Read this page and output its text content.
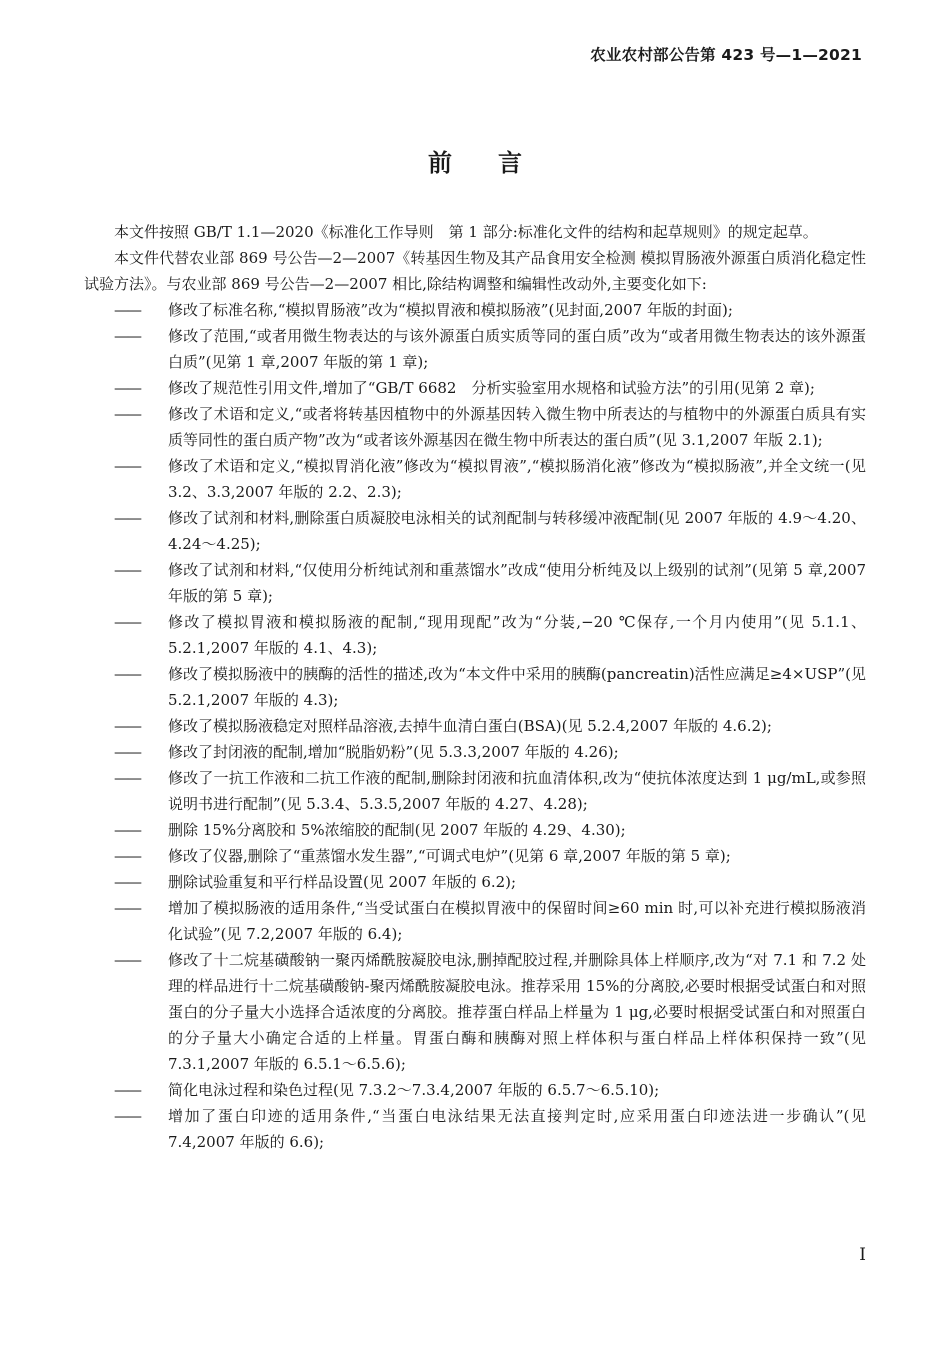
农业农村部公告第 423 号—1—2021
前言

本文件按照 GB/T 1.1—2020《标准化工作导则　第 1 部分:标准化文件的结构和起草规则》的规定起草。

本文件代替农业部 869 号公告—2—2007《转基因生物及其产品食用安全检测 模拟胃肠液外源蛋白质消化稳定性试验方法》。与农业部 869 号公告—2—2007 相比,除结构调整和编辑性改动外,主要变化如下:

——	修改了标准名称,“模拟胃肠液”改为“模拟胃液和模拟肠液”(见封面,2007 年版的封面);

——	修改了范围,“或者用微生物表达的与该外源蛋白质实质等同的蛋白质”改为“或者用微生物表达的该外源蛋白质”(见第 1 章,2007 年版的第 1 章);

——	修改了规范性引用文件,增加了“GB/T 6682　分析实验室用水规格和试验方法”的引用(见第 2 章);

——	修改了术语和定义,“或者将转基因植物中的外源基因转入微生物中所表达的与植物中的外源蛋白质具有实质等同性的蛋白质产物”改为“或者该外源基因在微生物中所表达的蛋白质”(见 3.1,2007 年版 2.1);

——	修改了术语和定义,“模拟胃消化液”修改为“模拟胃液”,“模拟肠消化液”修改为“模拟肠液”,并全文统一(见 3.2、3.3,2007 年版的 2.2、2.3);

——	修改了试剂和材料,删除蛋白质凝胶电泳相关的试剂配制与转移缓冲液配制(见 2007 年版的 4.9～4.20、4.24～4.25);

——	修改了试剂和材料,“仅使用分析纯试剂和重蒸馏水”改成“使用分析纯及以上级别的试剂”(见第 5 章,2007 年版的第 5 章);

——	修改了模拟胃液和模拟肠液的配制,“现用现配”改为“分装,−20 ℃保存,一个月内使用”(见 5.1.1、5.2.1,2007 年版的 4.1、4.3);

——	修改了模拟肠液中的胰酶的活性的描述,改为“本文件中采用的胰酶(pancreatin)活性应满足≥4×USP”(见 5.2.1,2007 年版的 4.3);

——	修改了模拟肠液稳定对照样品溶液,去掉牛血清白蛋白(BSA)(见 5.2.4,2007 年版的 4.6.2);

——	修改了封闭液的配制,增加“脱脂奶粉”(见 5.3.3,2007 年版的 4.26);

——	修改了一抗工作液和二抗工作液的配制,删除封闭液和抗血清体积,改为“使抗体浓度达到 1 μg/mL,或参照说明书进行配制”(见 5.3.4、5.3.5,2007 年版的 4.27、4.28);

——	删除 15%分离胶和 5%浓缩胶的配制(见 2007 年版的 4.29、4.30);

——	修改了仪器,删除了“重蒸馏水发生器”,“可调式电炉”(见第 6 章,2007 年版的第 5 章);

——	删除试验重复和平行样品设置(见 2007 年版的 6.2);

——	增加了模拟肠液的适用条件,“当受试蛋白在模拟胃液中的保留时间≥60 min 时,可以补充进行模拟肠液消化试验”(见 7.2,2007 年版的 6.4);

——	修改了十二烷基磺酸钠一聚丙烯酰胺凝胶电泳,删掉配胶过程,并删除具体上样顺序,改为“对 7.1 和 7.2 处理的样品进行十二烷基磺酸钠-聚丙烯酰胺凝胶电泳。推荐采用 15%的分离胶,必要时根据受试蛋白和对照蛋白的分子量大小选择合适浓度的分离胶。推荐蛋白样品上样量为 1 μg,必要时根据受试蛋白和对照蛋白的分子量大小确定合适的上样量。胃蛋白酶和胰酶对照上样体积与蛋白样品上样体积保持一致”(见 7.3.1,2007 年版的 6.5.1～6.5.6);

——	简化电泳过程和染色过程(见 7.3.2～7.3.4,2007 年版的 6.5.7～6.5.10);

——	增加了蛋白印迹的适用条件,“当蛋白电泳结果无法直接判定时,应采用蛋白印迹法进一步确认”(见 7.4,2007 年版的 6.6);

I
